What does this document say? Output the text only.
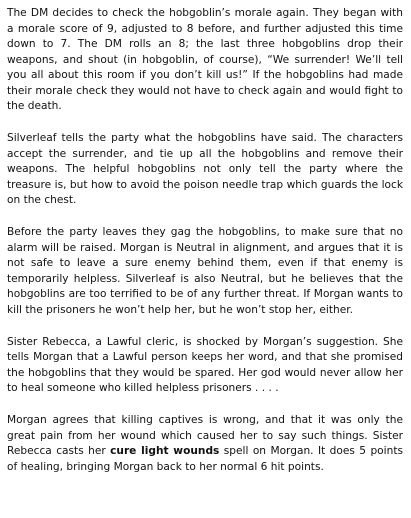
The DM decides to check the hobgoblin’s morale again. They began with a morale score of 9, adjusted to 8 before, and further adjusted this time down to 7. The DM rolls an 8; the last three hobgoblins drop their weapons, and shout (in hobgoblin, of course), “We surrender! We’ll tell you all about this room if you don’t kill us!” If the hobgoblins had made their morale check they would not have to check again and would fight to the death.

Silverleaf tells the party what the hobgoblins have said. The characters accept the surrender, and tie up all the hobgoblins and remove their weapons. The helpful hobgoblins not only tell the party where the treasure is, but how to avoid the poison needle trap which guards the lock on the chest.

Before the party leaves they gag the hobgoblins, to make sure that no alarm will be raised. Morgan is Neutral in alignment, and argues that it is not safe to leave a sure enemy behind them, even if that enemy is temporarily helpless. Silverleaf is also Neutral, but he believes that the hobgoblins are too terrified to be of any further threat. If Morgan wants to kill the prisoners he won’t help her, but he won’t stop her, either.

Sister Rebecca, a Lawful cleric, is shocked by Morgan’s suggestion. She tells Morgan that a Lawful person keeps her word, and that she promised the hobgoblins that they would be spared. Her god would never allow her to heal someone who killed helpless prisoners . . . .

Morgan agrees that killing captives is wrong, and that it was only the great pain from her wound which caused her to say such things. Sister Rebecca casts her cure light wounds spell on Morgan. It does 5 points of healing, bringing Morgan back to her normal 6 hit points.
